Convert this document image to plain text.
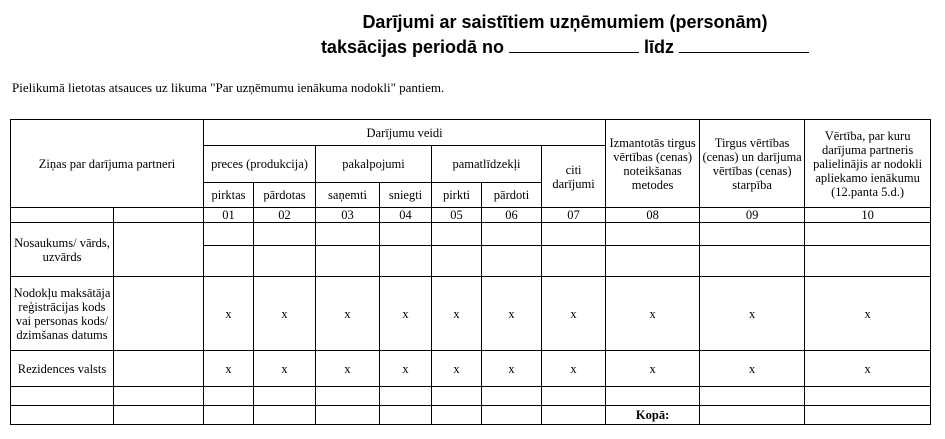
Darījumi ar saistītiem uzņēmumiem (personām)
taksācijas periodā no	līdz
Pielikumā lietotas atsauces uz likuma "Par uzņēmumu ienākuma nodokli" pantiem.
Ziņas par darījuma partneri		Darījumu veidi							Izmantotās tirgus vērtības (cenas) noteikšanas metodes	Tirgus vērtības (cenas) un darījuma vērtības (cenas) starpība	Vērtība, par kuru darījuma partneris palielinājis ar nodokli apliekamo ienākumu (12.panta 5.d.)
		preces (produkcija)		pakalpojumi		pamatlīdzekļi		citi darījumi			
		pirktas	pārdotas	saņemti	sniegti	pirkti	pārdoti				
		01	02	03	04	05	06	07	08	09	10
Nosaukums/ vārds, uzvārds											

Nodokļu maksātāja reģistrācijas kods vai personas kods/ dzimšanas datums		x	x	x	x	x	x	x	x	x	x
Rezidences valsts		x	x	x	x	x	x	x	x	x	x

									Kopā:		
